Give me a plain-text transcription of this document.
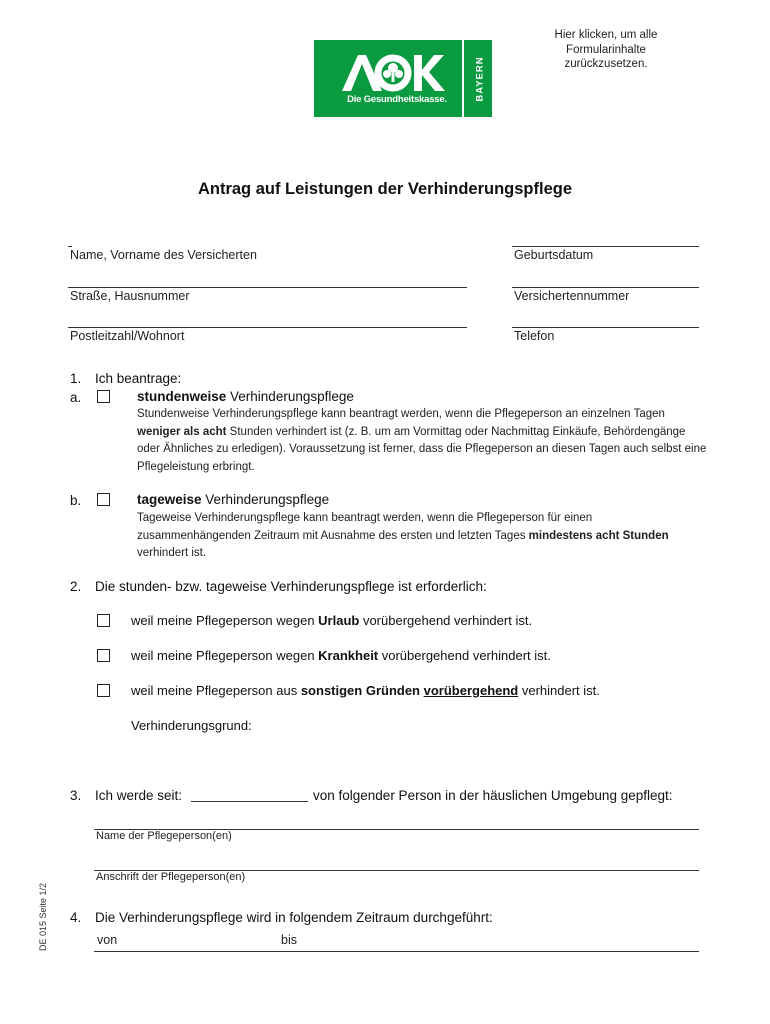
Hier klicken, um alle Formularinhalte zurückzusetzen.
Die Gesundheitskasse.	BAYERN
Antrag auf Leistungen der Verhinderungspflege
Name, Vorname des Versicherten	Geburtsdatum
Straße, Hausnummer	Versichertennummer
Postleitzahl/Wohnort	Telefon
1. Ich beantrage:
a.	stundenweise Verhinderungspflege
Stundenweise Verhinderungspflege kann beantragt werden, wenn die Pflegeperson an einzelnen Tagen weniger als acht Stunden verhindert ist (z. B. um am Vormittag oder Nachmittag Einkäufe, Behördengänge oder Ähnliches zu erledigen). Voraussetzung ist ferner, dass die Pflegeperson an diesen Tagen auch selbst eine Pflegeleistung erbringt.
b.	tageweise Verhinderungspflege
Tageweise Verhinderungspflege kann beantragt werden, wenn die Pflegeperson für einen zusammenhängenden Zeitraum mit Ausnahme des ersten und letzten Tages mindestens acht Stunden verhindert ist.
2. Die stunden- bzw. tageweise Verhinderungspflege ist erforderlich:
weil meine Pflegeperson wegen Urlaub vorübergehend verhindert ist.
weil meine Pflegeperson wegen Krankheit vorübergehend verhindert ist.
weil meine Pflegeperson aus sonstigen Gründen vorübergehend verhindert ist.
Verhinderungsgrund:
3. Ich werde seit:	von folgender Person in der häuslichen Umgebung gepflegt:
Name der Pflegeperson(en)
Anschrift der Pflegeperson(en)
4. Die Verhinderungspflege wird in folgendem Zeitraum durchgeführt:
von	bis
DE 015 Seite 1/2
